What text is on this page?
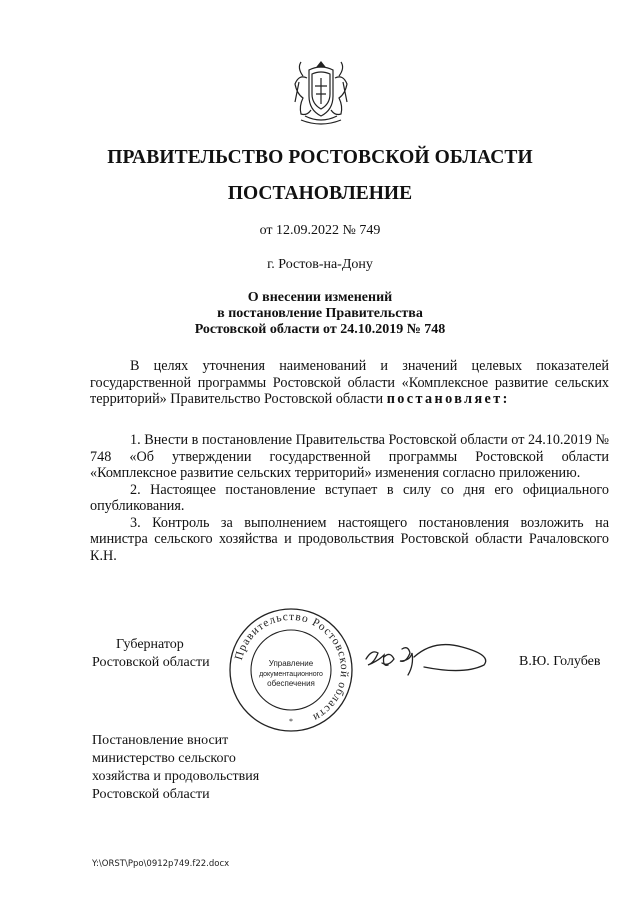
ПРАВИТЕЛЬСТВО РОСТОВСКОЙ ОБЛАСТИ
ПОСТАНОВЛЕНИЕ
от 12.09.2022 № 749
г. Ростов-на-Дону
О внесении изменений
в постановление Правительства
Ростовской области от 24.10.2019 № 748
В целях уточнения наименований и значений целевых показателей государственной программы Ростовской области «Комплексное развитие сельских территорий» Правительство Ростовской области постановляет:

1. Внести в постановление Правительства Ростовской области от 24.10.2019 № 748 «Об утверждении государственной программы Ростовской области «Комплексное развитие сельских территорий» изменения согласно приложению.

2. Настоящее постановление вступает в силу со дня его официального опубликования.

3. Контроль за выполнением настоящего постановления возложить на министра сельского хозяйства и продовольствия Ростовской области Рачаловского К.Н.

Губернатор
Ростовской области Правительство Ростовской области
Управление
документационного
обеспечения
*
В.Ю. Голубев
Постановление вносит
министерство сельского
хозяйства и продовольствия
Ростовской области
Y:\ORST\Ppo\0912p749.f22.docx
